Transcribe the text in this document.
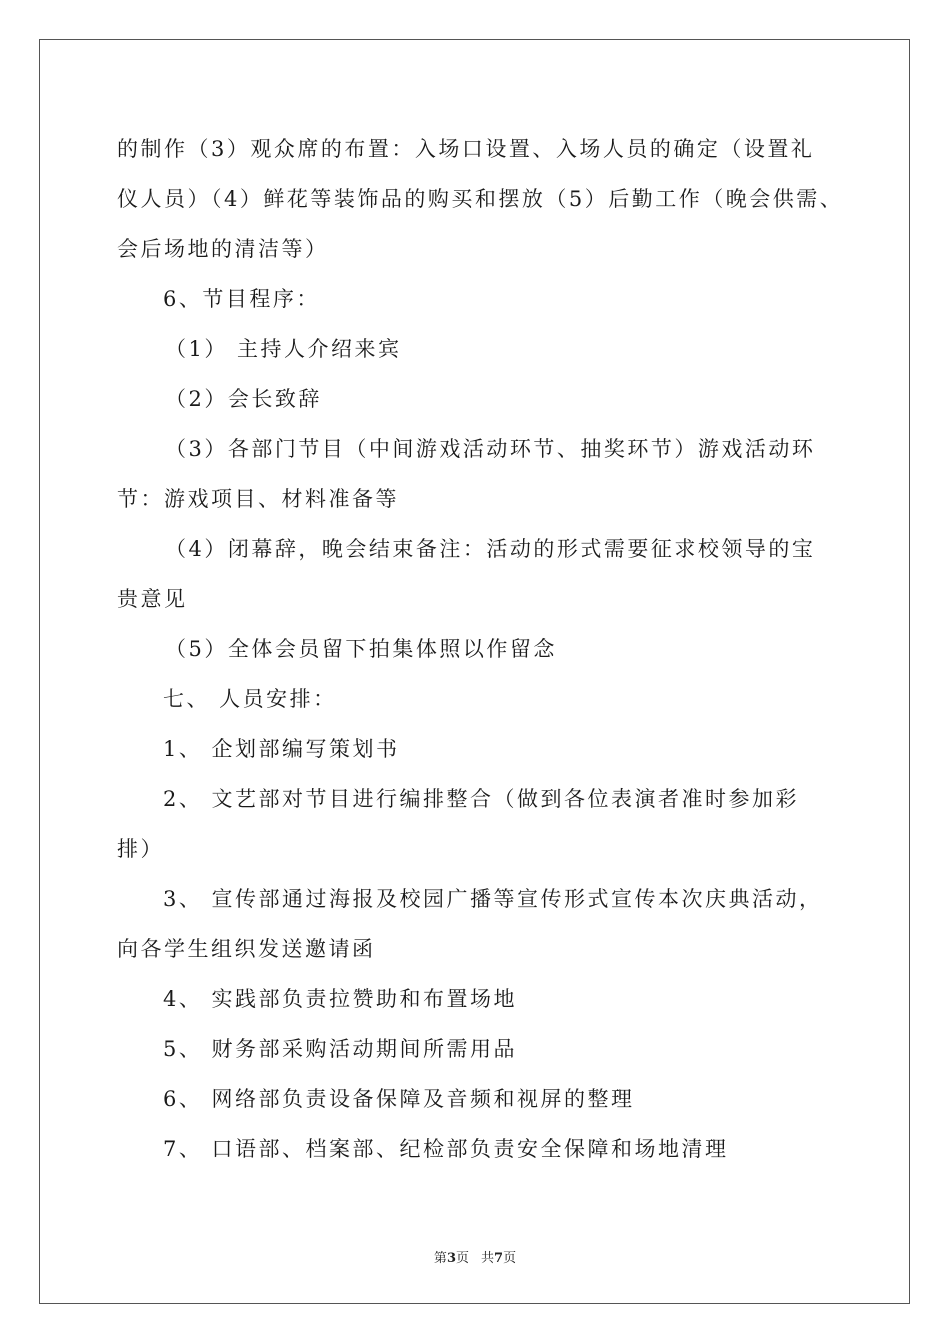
的制作（3）观众席的布置：入场口设置、入场人员的确定（设置礼
仪人员）（4）鲜花等装饰品的购买和摆放（5）后勤工作（晚会供需、
会后场地的清洁等）
6、节目程序：
（1） 主持人介绍来宾
（2）会长致辞
（3）各部门节目（中间游戏活动环节、抽奖环节）游戏活动环
节：游戏项目、材料准备等
（4）闭幕辞，晚会结束备注：活动的形式需要征求校领导的宝
贵意见
（5）全体会员留下拍集体照以作留念
七、 人员安排：
1、 企划部编写策划书
2、 文艺部对节目进行编排整合（做到各位表演者准时参加彩
排）
3、 宣传部通过海报及校园广播等宣传形式宣传本次庆典活动，
向各学生组织发送邀请函
4、 实践部负责拉赞助和布置场地
5、 财务部采购活动期间所需用品
6、 网络部负责设备保障及音频和视屏的整理
7、 口语部、档案部、纪检部负责安全保障和场地清理
第3页 共7页
